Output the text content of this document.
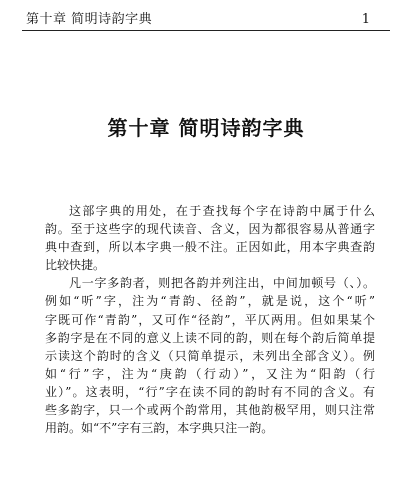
第十章 简明诗韵字典	1
第十章 简明诗韵字典
这部字典的用处，在于查找每个字在诗韵中属于什么
韵。至于这些字的现代读音、含义，因为都很容易从普通字
典中查到，所以本字典一般不注。正因如此，用本字典查韵
比较快捷。
凡一字多韵者，则把各韵并列注出，中间加顿号（、）。
例如“听”字，注为“青韵、径韵”，就是说，这个“听”
字既可作“青韵”，又可作“径韵”，平仄两用。但如果某个
多韵字是在不同的意义上读不同的韵，则在每个韵后简单提
示读这个韵时的含义（只简单提示，未列出全部含义）。例
如“行”字，注为“庚韵（行动）”，又注为“阳韵（行
业）”。这表明，“行”字在读不同的韵时有不同的含义。有
些多韵字，只一个或两个韵常用，其他韵极罕用，则只注常
用韵。如“不”字有三韵，本字典只注一韵。
